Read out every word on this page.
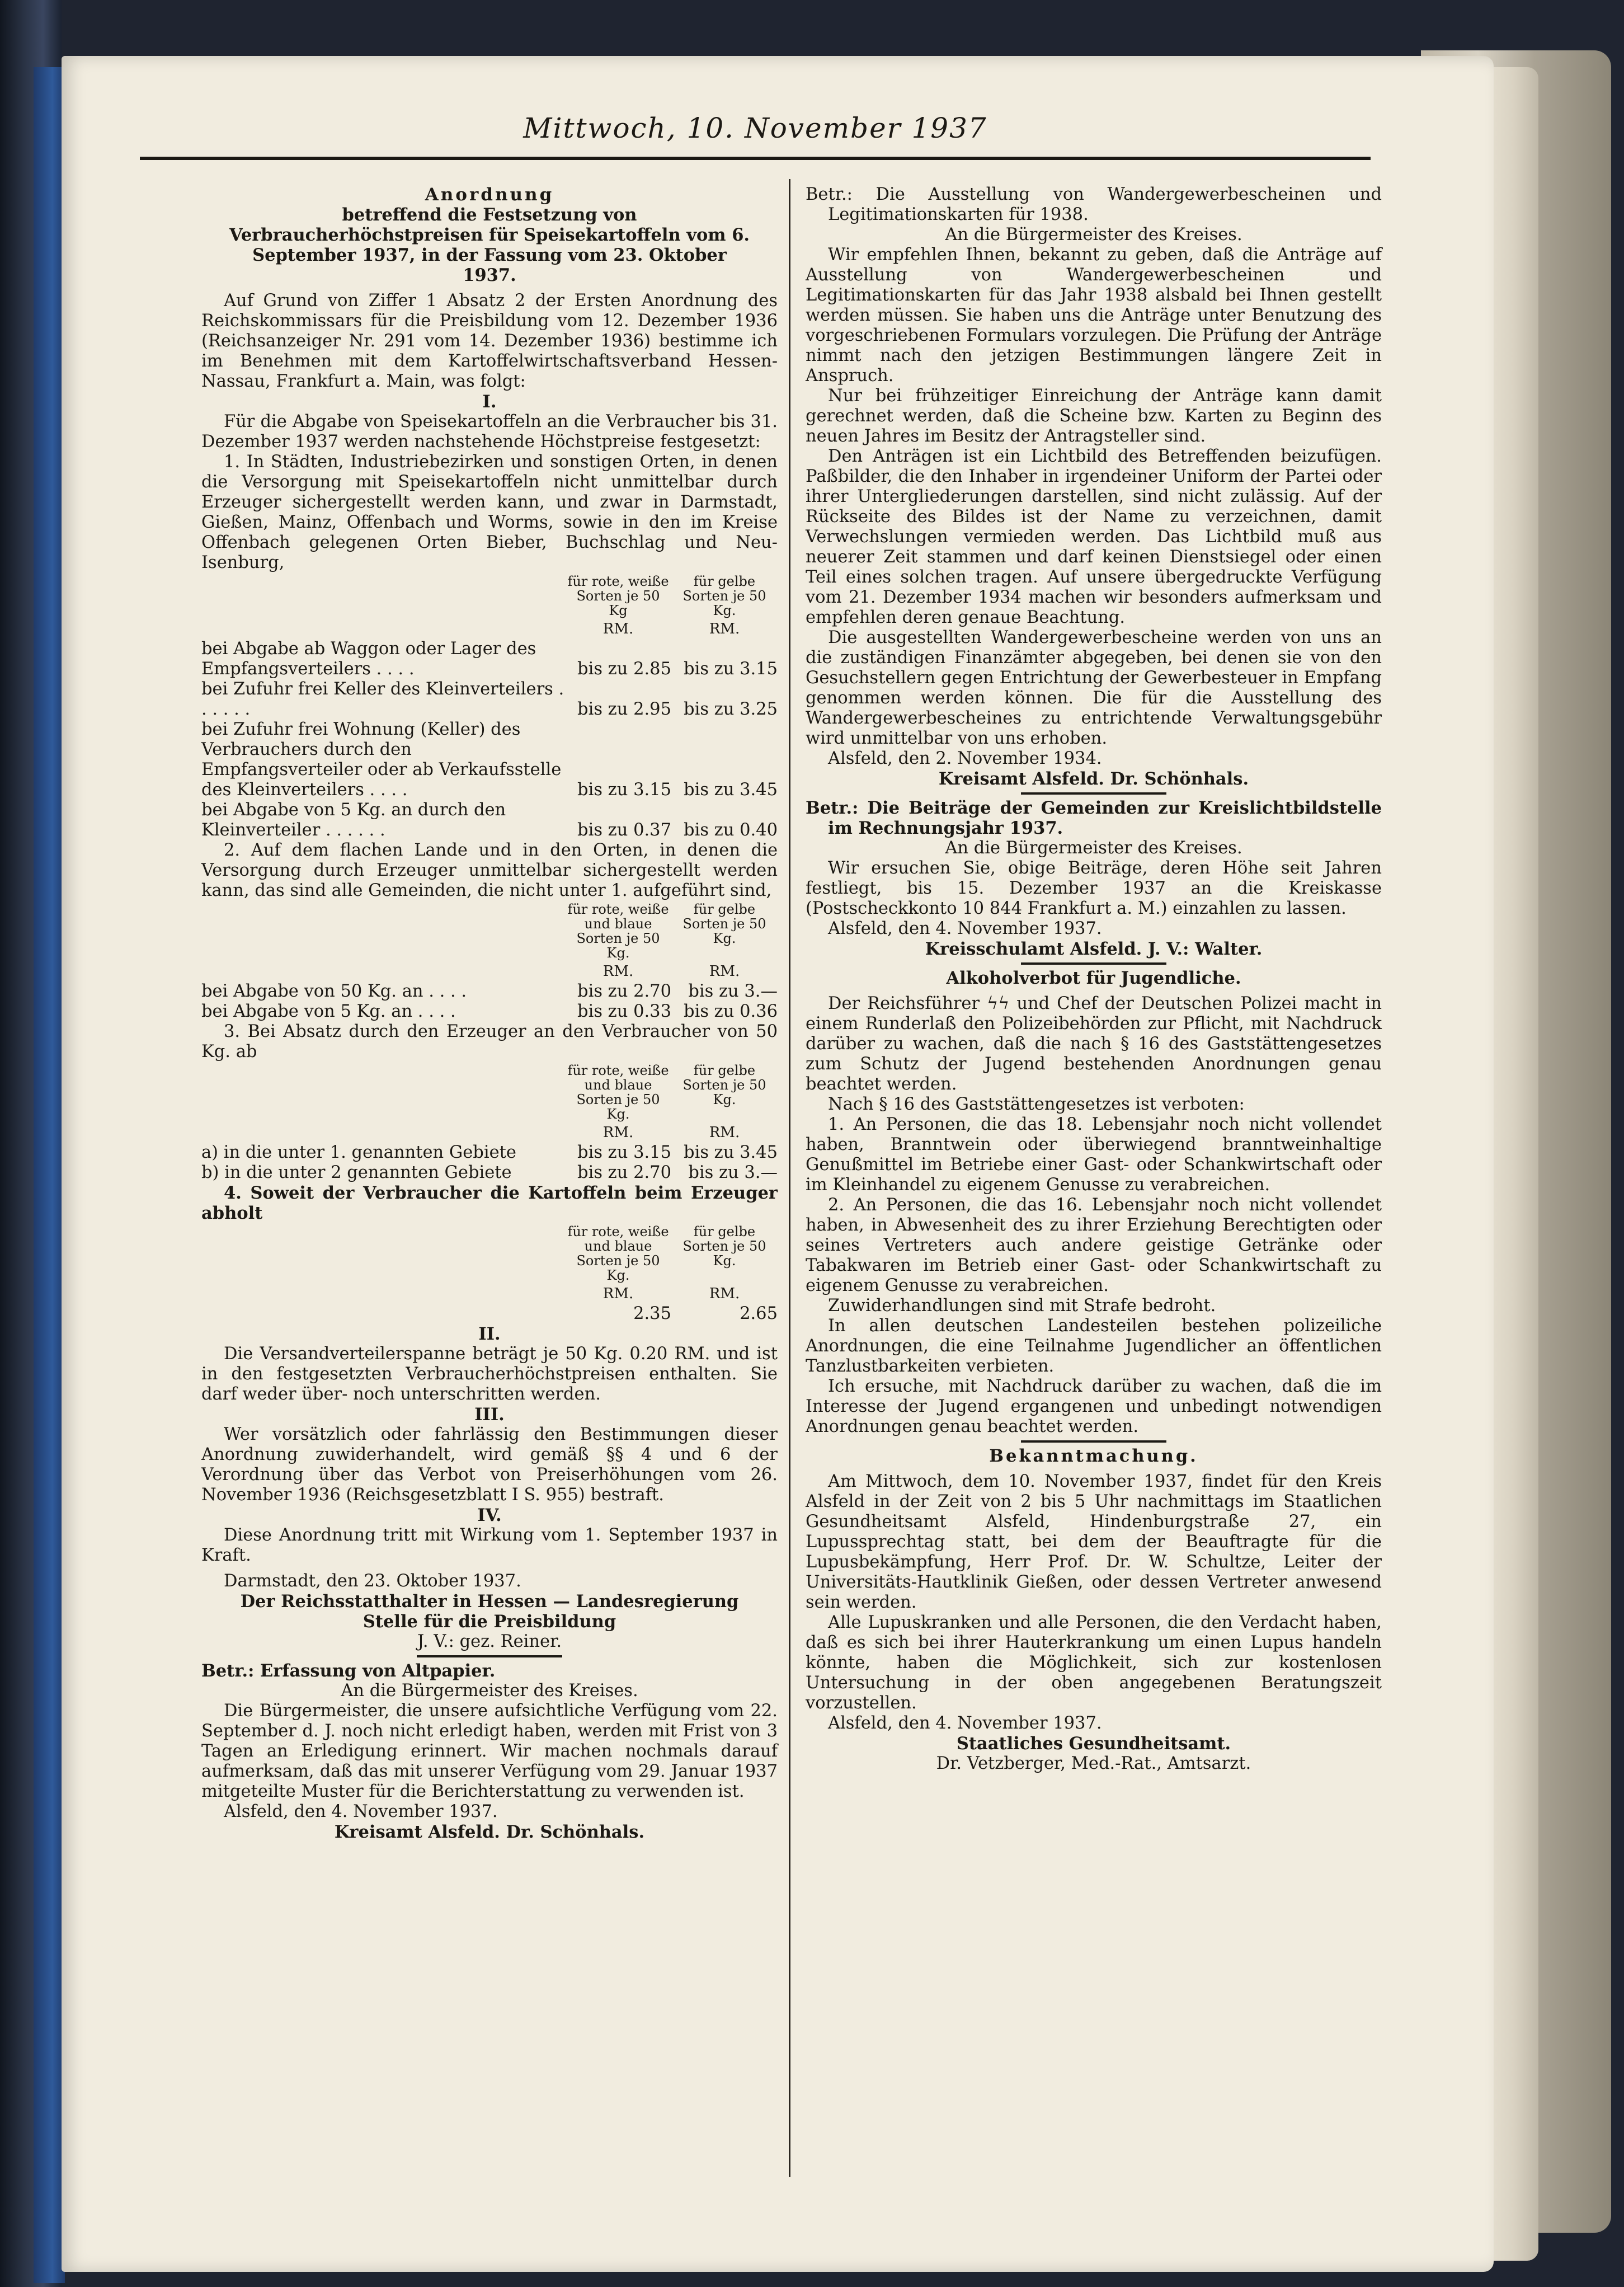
Mittwoch, 10. November 1937

Anordnung

betreffend die Festsetzung von Verbraucherhöchstpreisen für Speisekartoffeln vom 6. September 1937, in der Fassung vom 23. Oktober 1937.

Auf Grund von Ziffer 1 Absatz 2 der Ersten Anordnung des Reichskommissars für die Preisbildung vom 12. Dezember 1936 (Reichsanzeiger Nr. 291 vom 14. Dezember 1936) bestimme ich im Benehmen mit dem Kartoffelwirtschaftsverband Hessen-Nassau, Frankfurt a. Main, was folgt:

I.

Für die Abgabe von Speisekartoffeln an die Verbraucher bis 31. Dezember 1937 werden nachstehende Höchstpreise festgesetzt:

1. In Städten, Industriebezirken und sonstigen Orten, in denen die Versorgung mit Speisekartoffeln nicht unmittelbar durch Erzeuger sichergestellt werden kann, und zwar in Darmstadt, Gießen, Mainz, Offenbach und Worms, sowie in den im Kreise Offenbach gelegenen Orten Bieber, Buchschlag und Neu-Isenburg,

für rote, weiße Sorten je 50 Kg
für gelbe Sorten je 50 Kg.
RM.	RM.
bei Abgabe ab Waggon oder Lager des Empfangsverteilers . . . .	bis zu 2.85 bis zu 3.15
bei Zufuhr frei Keller des Kleinverteilers . . . . . .	bis zu 2.95 bis zu 3.25
bei Zufuhr frei Wohnung (Keller) des Verbrauchers durch den Empfangsverteiler oder ab Verkaufsstelle des Kleinverteilers . . . .	bis zu 3.15 bis zu 3.45
bei Abgabe von 5 Kg. an durch den Kleinverteiler . . . . . .	bis zu 0.37 bis zu 0.40

2. Auf dem flachen Lande und in den Orten, in denen die Versorgung durch Erzeuger unmittelbar sichergestellt werden kann, das sind alle Gemeinden, die nicht unter 1. aufgeführt sind,

für rote, weiße und blaue Sorten je 50 Kg.
für gelbe Sorten je 50 Kg.
RM.	RM.
bei Abgabe von 50 Kg. an . . . .	bis zu 2.70 bis zu 3.—
bei Abgabe von 5 Kg. an . . . .	bis zu 0.33 bis zu 0.36

3. Bei Absatz durch den Erzeuger an den Verbraucher von 50 Kg. ab

für rote, weiße und blaue Sorten je 50 Kg.
für gelbe Sorten je 50 Kg.
RM.	RM.
a) in die unter 1. genannten Gebiete	bis zu 3.15 bis zu 3.45
b) in die unter 2 genannten Gebiete	bis zu 2.70 bis zu 3.—

4. Soweit der Verbraucher die Kartoffeln beim Erzeuger abholt

für rote, weiße und blaue Sorten je 50 Kg.
für gelbe Sorten je 50 Kg.
RM.	RM.
2.35	2.65

II.

Die Versandverteilerspanne beträgt je 50 Kg. 0.20 RM. und ist in den festgesetzten Verbraucherhöchstpreisen enthalten. Sie darf weder über- noch unterschritten werden.

III.

Wer vorsätzlich oder fahrlässig den Bestimmungen dieser Anordnung zuwiderhandelt, wird gemäß §§ 4 und 6 der Verordnung über das Verbot von Preiserhöhungen vom 26. November 1936 (Reichsgesetzblatt I S. 955) bestraft.

IV.

Diese Anordnung tritt mit Wirkung vom 1. September 1937 in Kraft.

Darmstadt, den 23. Oktober 1937.

Der Reichsstatthalter in Hessen — Landesregierung

Stelle für die Preisbildung

J. V.: gez. Reiner.

Betr.: Erfassung von Altpapier.

An die Bürgermeister des Kreises.

Die Bürgermeister, die unsere aufsichtliche Verfügung vom 22. September d. J. noch nicht erledigt haben, werden mit Frist von 3 Tagen an Erledigung erinnert. Wir machen nochmals darauf aufmerksam, daß das mit unserer Verfügung vom 29. Januar 1937 mitgeteilte Muster für die Berichterstattung zu verwenden ist.

Alsfeld, den 4. November 1937.

Kreisamt Alsfeld. Dr. Schönhals.

Betr.: Die Ausstellung von Wandergewerbescheinen und Legitimationskarten für 1938.

An die Bürgermeister des Kreises.

Wir empfehlen Ihnen, bekannt zu geben, daß die Anträge auf Ausstellung von Wandergewerbescheinen und Legitimationskarten für das Jahr 1938 alsbald bei Ihnen gestellt werden müssen. Sie haben uns die Anträge unter Benutzung des vorgeschriebenen Formulars vorzulegen. Die Prüfung der Anträge nimmt nach den jetzigen Bestimmungen längere Zeit in Anspruch.

Nur bei frühzeitiger Einreichung der Anträge kann damit gerechnet werden, daß die Scheine bzw. Karten zu Beginn des neuen Jahres im Besitz der Antragsteller sind.

Den Anträgen ist ein Lichtbild des Betreffenden beizufügen. Paßbilder, die den Inhaber in irgendeiner Uniform der Partei oder ihrer Untergliederungen darstellen, sind nicht zulässig. Auf der Rückseite des Bildes ist der Name zu verzeichnen, damit Verwechslungen vermieden werden. Das Lichtbild muß aus neuerer Zeit stammen und darf keinen Dienstsiegel oder einen Teil eines solchen tragen. Auf unsere übergedruckte Verfügung vom 21. Dezember 1934 machen wir besonders aufmerksam und empfehlen deren genaue Beachtung.

Die ausgestellten Wandergewerbescheine werden von uns an die zuständigen Finanzämter abgegeben, bei denen sie von den Gesuchstellern gegen Entrichtung der Gewerbesteuer in Empfang genommen werden können. Die für die Ausstellung des Wandergewerbescheines zu entrichtende Verwaltungsgebühr wird unmittelbar von uns erhoben.

Alsfeld, den 2. November 1934.

Kreisamt Alsfeld. Dr. Schönhals.

Betr.: Die Beiträge der Gemeinden zur Kreislichtbildstelle im Rechnungsjahr 1937.

An die Bürgermeister des Kreises.

Wir ersuchen Sie, obige Beiträge, deren Höhe seit Jahren festliegt, bis 15. Dezember 1937 an die Kreiskasse (Postscheckkonto 10 844 Frankfurt a. M.) einzahlen zu lassen.

Alsfeld, den 4. November 1937.

Kreisschulamt Alsfeld. J. V.: Walter.

Alkoholverbot für Jugendliche.

Der Reichsführer ϟϟ und Chef der Deutschen Polizei macht in einem Runderlaß den Polizeibehörden zur Pflicht, mit Nachdruck darüber zu wachen, daß die nach § 16 des Gaststättengesetzes zum Schutz der Jugend bestehenden Anordnungen genau beachtet werden.

Nach § 16 des Gaststättengesetzes ist verboten:

1. An Personen, die das 18. Lebensjahr noch nicht vollendet haben, Branntwein oder überwiegend branntweinhaltige Genußmittel im Betriebe einer Gast- oder Schankwirtschaft oder im Kleinhandel zu eigenem Genusse zu verabreichen.

2. An Personen, die das 16. Lebensjahr noch nicht vollendet haben, in Abwesenheit des zu ihrer Erziehung Berechtigten oder seines Vertreters auch andere geistige Getränke oder Tabakwaren im Betrieb einer Gast- oder Schankwirtschaft zu eigenem Genusse zu verabreichen.

Zuwiderhandlungen sind mit Strafe bedroht.

In allen deutschen Landesteilen bestehen polizeiliche Anordnungen, die eine Teilnahme Jugendlicher an öffentlichen Tanzlustbarkeiten verbieten.

Ich ersuche, mit Nachdruck darüber zu wachen, daß die im Interesse der Jugend ergangenen und unbedingt notwendigen Anordnungen genau beachtet werden.

Bekanntmachung.

Am Mittwoch, dem 10. November 1937, findet für den Kreis Alsfeld in der Zeit von 2 bis 5 Uhr nachmittags im Staatlichen Gesundheitsamt Alsfeld, Hindenburgstraße 27, ein Lupussprechtag statt, bei dem der Beauftragte für die Lupusbekämpfung, Herr Prof. Dr. W. Schultze, Leiter der Universitäts-Hautklinik Gießen, oder dessen Vertreter anwesend sein werden.

Alle Lupuskranken und alle Personen, die den Verdacht haben, daß es sich bei ihrer Hauterkrankung um einen Lupus handeln könnte, haben die Möglichkeit, sich zur kostenlosen Untersuchung in der oben angegebenen Beratungszeit vorzustellen.

Alsfeld, den 4. November 1937.

Staatliches Gesundheitsamt.

Dr. Vetzberger, Med.-Rat., Amtsarzt.
